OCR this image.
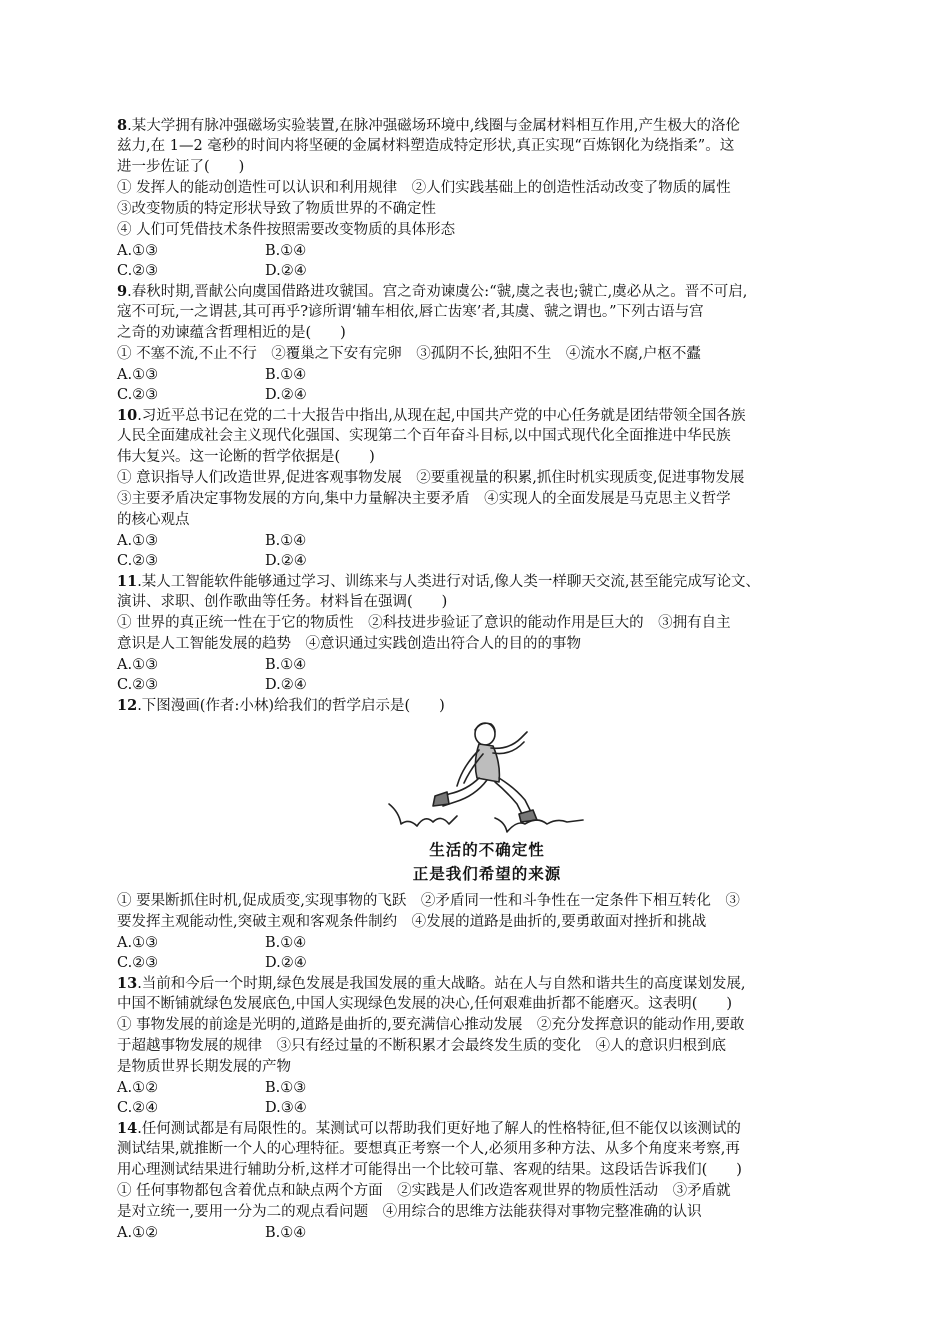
8.某大学拥有脉冲强磁场实验装置,在脉冲强磁场环境中,线圈与金属材料相互作用,产生极大的洛伦
兹力,在 1—2 毫秒的时间内将坚硬的金属材料塑造成特定形状,真正实现“百炼钢化为绕指柔”。这
进一步佐证了(　　)
① 发挥人的能动创造性可以认识和利用规律　②人们实践基础上的创造性活动改变了物质的属性
③改变物质的特定形状导致了物质世界的不确定性
④ 人们可凭借技术条件按照需要改变物质的具体形态
A.①③	B.①④
C.②③	D.②④
9.春秋时期,晋献公向虞国借路进攻虢国。宫之奇劝谏虞公:“虢,虞之表也;虢亡,虞必从之。晋不可启,
寇不可玩,一之谓甚,其可再乎?谚所谓‘辅车相依,唇亡齿寒’者,其虞、虢之谓也。”下列古语与宫
之奇的劝谏蕴含哲理相近的是(　　)
① 不塞不流,不止不行　②覆巢之下安有完卵　③孤阴不长,独阳不生　④流水不腐,户枢不蠹
A.①③	B.①④
C.②③	D.②④
10.习近平总书记在党的二十大报告中指出,从现在起,中国共产党的中心任务就是团结带领全国各族
人民全面建成社会主义现代化强国、实现第二个百年奋斗目标,以中国式现代化全面推进中华民族
伟大复兴。这一论断的哲学依据是(　　)
① 意识指导人们改造世界,促进客观事物发展　②要重视量的积累,抓住时机实现质变,促进事物发展
③主要矛盾决定事物发展的方向,集中力量解决主要矛盾　④实现人的全面发展是马克思主义哲学
的核心观点
A.①③	B.①④
C.②③	D.②④
11.某人工智能软件能够通过学习、训练来与人类进行对话,像人类一样聊天交流,甚至能完成写论文、
演讲、求职、创作歌曲等任务。材料旨在强调(　　)
① 世界的真正统一性在于它的物质性　②科技进步验证了意识的能动作用是巨大的　③拥有自主
意识是人工智能发展的趋势　④意识通过实践创造出符合人的目的的事物
A.①③	B.①④
C.②③	D.②④
12.下图漫画(作者:小林)给我们的哲学启示是(　　)
生活的不确定性
正是我们希望的来源
① 要果断抓住时机,促成质变,实现事物的飞跃　②矛盾同一性和斗争性在一定条件下相互转化　③
要发挥主观能动性,突破主观和客观条件制约　④发展的道路是曲折的,要勇敢面对挫折和挑战
A.①③	B.①④
C.②③	D.②④
13.当前和今后一个时期,绿色发展是我国发展的重大战略。站在人与自然和谐共生的高度谋划发展,
中国不断铺就绿色发展底色,中国人实现绿色发展的决心,任何艰难曲折都不能磨灭。这表明(　　)
① 事物发展的前途是光明的,道路是曲折的,要充满信心推动发展　②充分发挥意识的能动作用,要敢
于超越事物发展的规律　③只有经过量的不断积累才会最终发生质的变化　④人的意识归根到底
是物质世界长期发展的产物
A.①②	B.①③
C.②④	D.③④
14.任何测试都是有局限性的。某测试可以帮助我们更好地了解人的性格特征,但不能仅以该测试的
测试结果,就推断一个人的心理特征。要想真正考察一个人,必须用多种方法、从多个角度来考察,再
用心理测试结果进行辅助分析,这样才可能得出一个比较可靠、客观的结果。这段话告诉我们(　　)
① 任何事物都包含着优点和缺点两个方面　②实践是人们改造客观世界的物质性活动　③矛盾就
是对立统一,要用一分为二的观点看问题　④用综合的思维方法能获得对事物完整准确的认识
A.①②	B.①④
